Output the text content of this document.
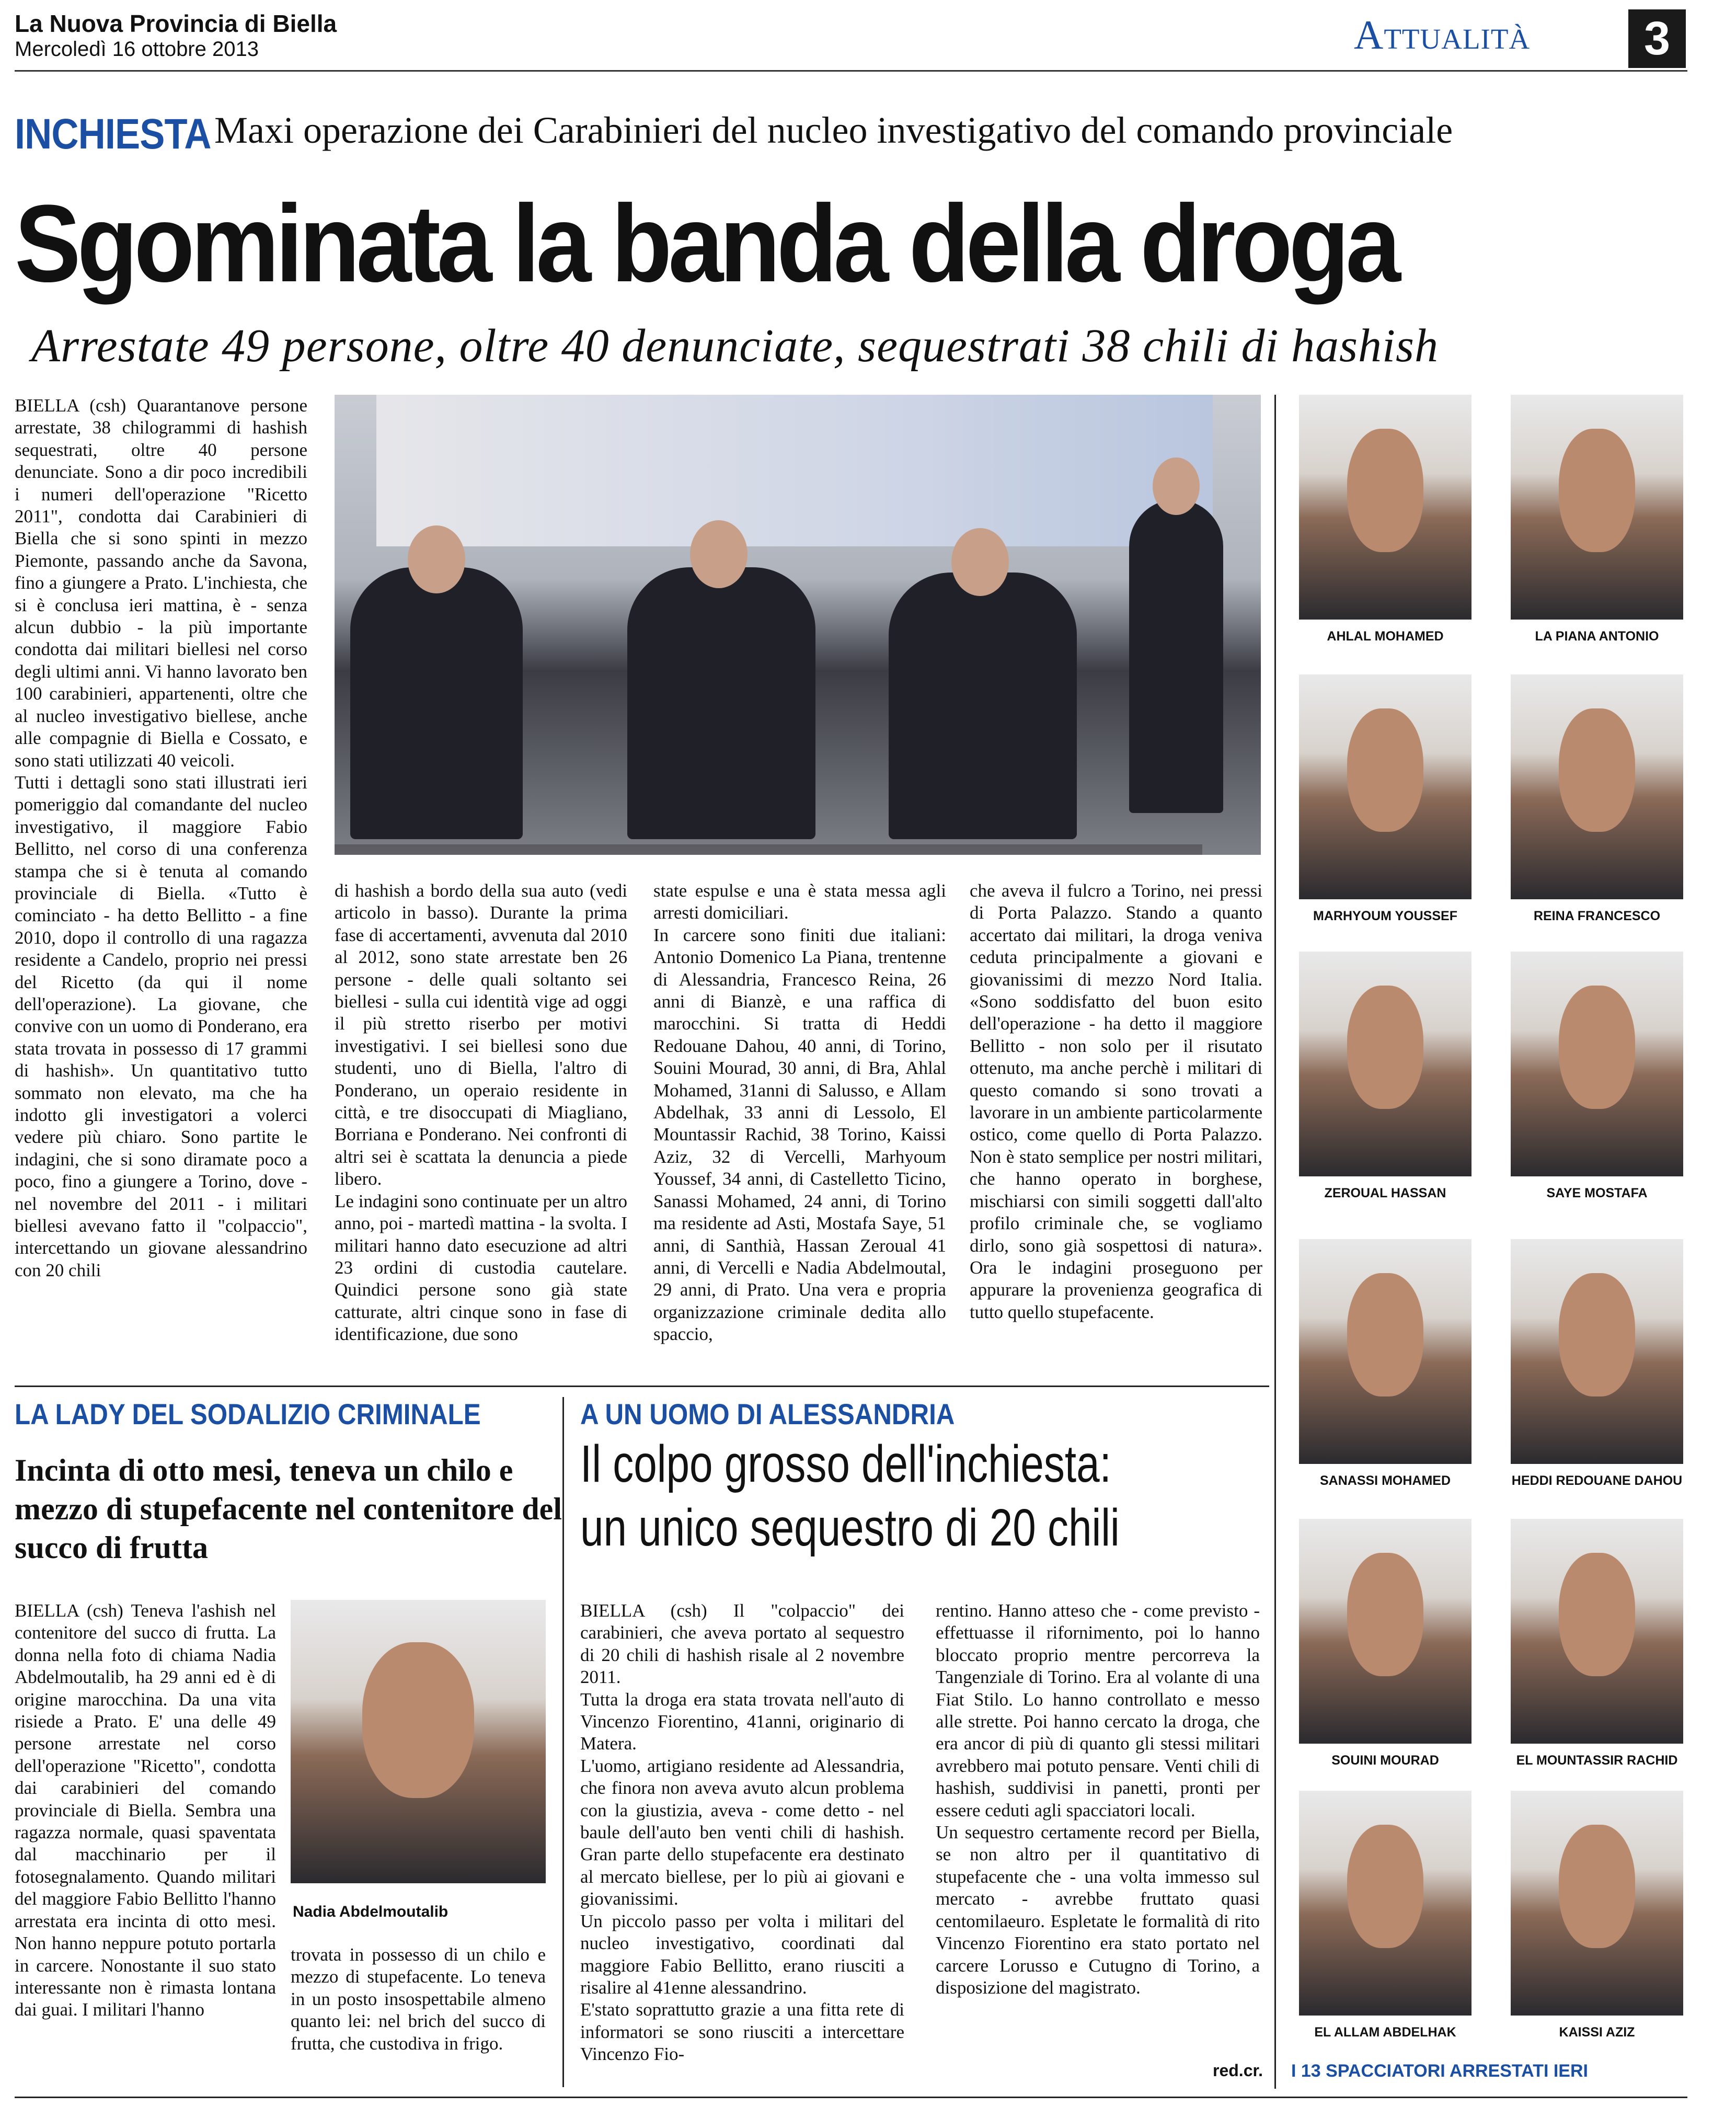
La Nuova Provincia di Biella
Mercoledì 16 ottobre 2013	Attualità	3
INCHIESTA Maxi operazione dei Carabinieri del nucleo investigativo del comando provinciale
Sgominata la banda della droga
Arrestate 49 persone, oltre 40 denunciate, sequestrati 38 chili di hashish
BIELLA (csh) Quarantanove persone arrestate, 38 chilogrammi di hashish sequestrati, oltre 40 persone denunciate. Sono a dir poco incredibili i numeri dell'operazione "Ricetto 2011", condotta dai Carabinieri di Biella che si sono spinti in mezzo Piemonte, passando anche da Savona, fino a giungere a Prato. L'inchiesta, che si è conclusa ieri mattina, è - senza alcun dubbio - la più importante condotta dai militari biellesi nel corso degli ultimi anni. Vi hanno lavorato ben 100 carabinieri, appartenenti, oltre che al nucleo investigativo biellese, anche alle compagnie di Biella e Cossato, e sono stati utilizzati 40 veicoli.
Tutti i dettagli sono stati illustrati ieri pomeriggio dal comandante del nucleo investigativo, il maggiore Fabio Bellitto, nel corso di una conferenza stampa che si è tenuta al comando provinciale di Biella. «Tutto è cominciato - ha detto Bellitto - a fine 2010, dopo il controllo di una ragazza residente a Candelo, proprio nei pressi del Ricetto (da qui il nome dell'operazione). La giovane, che convive con un uomo di Ponderano, era stata trovata in possesso di 17 grammi di hashish». Un quantitativo tutto sommato non elevato, ma che ha indotto gli investigatori a volerci vedere più chiaro. Sono partite le indagini, che si sono diramate poco a poco, fino a giungere a Torino, dove - nel novembre del 2011 - i militari biellesi avevano fatto il "colpaccio", intercettando un giovane alessandrino con 20 chili
di hashish a bordo della sua auto (vedi articolo in basso). Durante la prima fase di accertamenti, avvenuta dal 2010 al 2012, sono state arrestate ben 26 persone - delle quali soltanto sei biellesi - sulla cui identità vige ad oggi il più stretto riserbo per motivi investigativi. I sei biellesi sono due studenti, uno di Biella, l'altro di Ponderano, un operaio residente in città, e tre disoccupati di Miagliano, Borriana e Ponderano. Nei confronti di altri sei è scattata la denuncia a piede libero.
Le indagini sono continuate per un altro anno, poi - martedì mattina - la svolta. I militari hanno dato esecuzione ad altri 23 ordini di custodia cautelare. Quindici persone sono già state catturate, altri cinque sono in fase di identificazione, due sono
state espulse e una è stata messa agli arresti domiciliari.
In carcere sono finiti due italiani: Antonio Domenico La Piana, trentenne di Alessandria, Francesco Reina, 26 anni di Bianzè, e una raffica di marocchini. Si tratta di Heddi Redouane Dahou, 40 anni, di Torino, Souini Mourad, 30 anni, di Bra, Ahlal Mohamed, 31anni di Salusso, e Allam Abdelhak, 33 anni di Lessolo, El Mountassir Rachid, 38 Torino, Kaissi Aziz, 32 di Vercelli, Marhyoum Youssef, 34 anni, di Castelletto Ticino, Sanassi Mohamed, 24 anni, di Torino ma residente ad Asti, Mostafa Saye, 51 anni, di Santhià, Hassan Zeroual 41 anni, di Vercelli e Nadia Abdelmoutal, 29 anni, di Prato. Una vera e propria organizzazione criminale dedita allo spaccio,
che aveva il fulcro a Torino, nei pressi di Porta Palazzo. Stando a quanto accertato dai militari, la droga veniva ceduta principalmente a giovani e giovanissimi di mezzo Nord Italia. «Sono soddisfatto del buon esito dell'operazione - ha detto il maggiore Bellitto - non solo per il risutato ottenuto, ma anche perchè i militari di questo comando si sono trovati a lavorare in un ambiente particolarmente ostico, come quello di Porta Palazzo. Non è stato semplice per nostri militari, che hanno operato in borghese, mischiarsi con simili soggetti dall'alto profilo criminale che, se vogliamo dirlo, sono già sospettosi di natura». Ora le indagini proseguono per appurare la provenienza geografica di tutto quello stupefacente.
AHLAL MOHAMED	LA PIANA ANTONIO
MARHYOUM YOUSSEF	REINA FRANCESCO
ZEROUAL HASSAN	SAYE MOSTAFA
SANASSI MOHAMED	HEDDI REDOUANE DAHOU
SOUINI MOURAD	EL MOUNTASSIR RACHID
EL ALLAM ABDELHAK	KAISSI AZIZ
I 13 SPACCIATORI ARRESTATI IERI
LA LADY DEL SODALIZIO CRIMINALE
Incinta di otto mesi, teneva un chilo e mezzo di stupefacente nel contenitore del succo di frutta
BIELLA (csh) Teneva l'ashish nel contenitore del succo di frutta. La donna nella foto di chiama Nadia Abdelmoutalib, ha 29 anni ed è di origine marocchina. Da una vita risiede a Prato. E' una delle 49 persone arrestate nel corso dell'operazione "Ricetto", condotta dai carabinieri del comando provinciale di Biella. Sembra una ragazza normale, quasi spaventata dal macchinario per il fotosegnalamento. Quando militari del maggiore Fabio Bellitto l'hanno arrestata era incinta di otto mesi. Non hanno neppure potuto portarla in carcere. Nonostante il suo stato interessante non è rimasta lontana dai guai. I militari l'hanno
Nadia Abdelmoutalib
trovata in possesso di un chilo e mezzo di stupefacente. Lo teneva in un posto insospettabile almeno quanto lei: nel brich del succo di frutta, che custodiva in frigo.
A UN UOMO DI ALESSANDRIA
Il colpo grosso dell'inchiesta:
un unico sequestro di 20 chili
BIELLA (csh) Il "colpaccio" dei carabinieri, che aveva portato al sequestro di 20 chili di hashish risale al 2 novembre 2011.
Tutta la droga era stata trovata nell'auto di Vincenzo Fiorentino, 41anni, originario di Matera.
L'uomo, artigiano residente ad Alessandria, che finora non aveva avuto alcun problema con la giustizia, aveva - come detto - nel baule dell'auto ben venti chili di hashish. Gran parte dello stupefacente era destinato al mercato biellese, per lo più ai giovani e giovanissimi.
Un piccolo passo per volta i militari del nucleo investigativo, coordinati dal maggiore Fabio Bellitto, erano riusciti a risalire al 41enne alessandrino.
E'stato soprattutto grazie a una fitta rete di informatori se sono riusciti a intercettare Vincenzo Fio-
rentino. Hanno atteso che - come previsto - effettuasse il rifornimento, poi lo hanno bloccato proprio mentre percorreva la Tangenziale di Torino. Era al volante di una Fiat Stilo. Lo hanno controllato e messo alle strette. Poi hanno cercato la droga, che era ancor di più di quanto gli stessi militari avrebbero mai potuto pensare. Venti chili di hashish, suddivisi in panetti, pronti per essere ceduti agli spacciatori locali.
Un sequestro certamente record per Biella, se non altro per il quantitativo di stupefacente che - una volta immesso sul mercato - avrebbe fruttato quasi centomilaeuro. Espletate le formalità di rito Vincenzo Fiorentino era stato portato nel carcere Lorusso e Cutugno di Torino, a disposizione del magistrato.
red.cr.
